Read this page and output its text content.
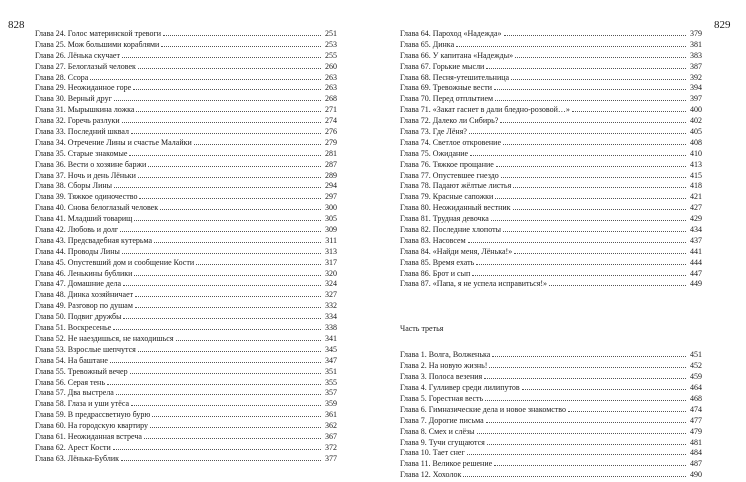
828	829
Глава 24. Голос материнской тревоги	251
Глава 25. Мож большими кораблями	253
Глава 26. Лёнька скучает	255
Глава 27. Белоглазый человек	260
Глава 28. Ссора	263
Глава 29. Неожиданное горе	263
Глава 30. Верный друг	268
Глава 31. Мырышкина ложка	271
Глава 32. Горечь разлуки	274
Глава 33. Последний шквал	276
Глава 34. Отречение Лины и счастье Малайки	279
Глава 35. Старые знакомые	281
Глава 36. Вести о хозяине баржи	287
Глава 37. Ночь и день Лёньки	289
Глава 38. Сборы Лины	294
Глава 39. Тяжкое одиночество	297
Глава 40. Снова белоглазый человек	300
Глава 41. Младший товарищ	305
Глава 42. Любовь и долг	309
Глава 43. Предсвадебная кутерьма	311
Глава 44. Проводы Лины	313
Глава 45. Опустевший дом и сообщение Кости	317
Глава 46. Ленькины бублики	320
Глава 47. Домашние дела	324
Глава 48. Динка хозяйничает	327
Глава 49. Разговор по душам	332
Глава 50. Подвиг дружбы	334
Глава 51. Воскресенье	338
Глава 52. Не наездишься, не находишься	341
Глава 53. Взрослые шепчутся	345
Глава 54. На баштане	347
Глава 55. Тревожный вечер	351
Глава 56. Серая тень	355
Глава 57. Два выстрела	357
Глава 58. Глаза и уши утёса	359
Глава 59. В предрассветную бурю	361
Глава 60. На городскую квартиру	362
Глава 61. Неожиданная встреча	367
Глава 62. Арест Кости	372
Глава 63. Лёнька-Бублик	377
Глава 64. Пароход «Надежда»	379
Глава 65. Динка	381
Глава 66. У капитана «Надежды»	383
Глава 67. Горькие мысли	387
Глава 68. Песня-утешительница	392
Глава 69. Тревожные вести	394
Глава 70. Перед отплытием	397
Глава 71. «Закат гаснет в дали бледно-розовой…»	400
Глава 72. Далеко ли Сибирь?	402
Глава 73. Где Лёня?	405
Глава 74. Светлое откровение	408
Глава 75. Ожидание	410
Глава 76. Тяжкое прощание	413
Глава 77. Опустевшее гнездо	415
Глава 78. Падают жёлтые листья	418
Глава 79. Красные сапожки	421
Глава 80. Неожиданный вестник	427
Глава 81. Трудная девочка	429
Глава 82. Последние хлопоты	434
Глава 83. Насовсем	437
Глава 84. «Найди меня, Лёнька!»	441
Глава 85. Время ехать	444
Глава 86. Брот и сып	447
Глава 87. «Папа, я не успела исправиться!»	449
Часть третья
Глава 1. Волга, Волженька	451
Глава 2. На новую жизнь!	452
Глава 3. Полоса везения	459
Глава 4. Гулливер среди лилипутов	464
Глава 5. Горестная весть	468
Глава 6. Гимназические дела и новое знакомство	474
Глава 7. Дорогие письма	477
Глава 8. Смех и слёзы	479
Глава 9. Тучи сгущаются	481
Глава 10. Тает снег	484
Глава 11. Великое решение	487
Глава 12. Хохолок	490
